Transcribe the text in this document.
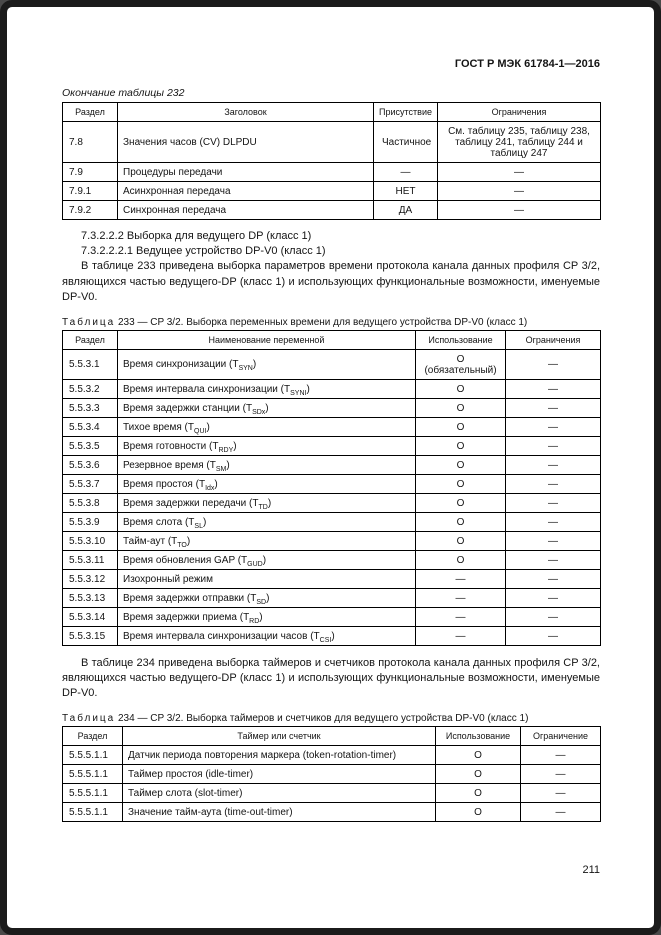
ГОСТ Р МЭК 61784-1—2016

Окончание таблицы 232

Раздел	Заголовок	Присутствие	Ограничения
7.8	Значения часов (CV) DLPDU	Частичное	См. таблицу 235, таблицу 238, таблицу 241, таблицу 244 и таблицу 247
7.9	Процедуры передачи	—	—
7.9.1	Асинхронная передача	НЕТ	—
7.9.2	Синхронная передача	ДА	—

7.3.2.2.2 Выборка для ведущего DP (класс 1)

7.3.2.2.2.1 Ведущее устройство DP-V0 (класс 1)

В таблице 233 приведена выборка параметров времени протокола канала данных профиля CP 3/2, являющихся частью ведущего-DP (класс 1) и использующих функциональные возможности, именуемые DP-V0.

Таблица 233 — CP 3/2. Выборка переменных времени для ведущего устройства DP-V0 (класс 1)

Раздел	Наименование переменной	Использование	Ограничения
5.5.3.1	Время синхронизации $(T_{SYN})$	О (обязательный)	—
5.5.3.2	Время интервала синхронизации $(T_{SYNI})$	О	—
5.5.3.3	Время задержки станции $(T_{SDx})$	О	—
5.5.3.4	Тихое время $(T_{QUI})$	О	—
5.5.3.5	Время готовности $(T_{RDY})$	О	—
5.5.3.6	Резервное время $(T_{SM})$	О	—
5.5.3.7	Время простоя $(T_{Idx})$	О	—
5.5.3.8	Время задержки передачи $(T_{TD})$	О	—
5.5.3.9	Время слота $(T_{SL})$	О	—
5.5.3.10	Тайм-аут $(T_{TO})$	О	—
5.5.3.11	Время обновления GAP $(T_{GUD})$	О	—
5.5.3.12	Изохронный режим	—	—
5.5.3.13	Время задержки отправки $(T_{SD})$	—	—
5.5.3.14	Время задержки приема $(T_{RD})$	—	—
5.5.3.15	Время интервала синхронизации часов $(T_{CSI})$	—	—

В таблице 234 приведена выборка таймеров и счетчиков протокола канала данных профиля CP 3/2, являющихся частью ведущего-DP (класс 1) и использующих функциональные возможности, именуемые DP-V0.

Таблица 234 — CP 3/2. Выборка таймеров и счетчиков для ведущего устройства DP-V0 (класс 1)

Раздел	Таймер или счетчик	Использование	Ограничение
5.5.5.1.1	Датчик периода повторения маркера (token-rotation-timer)	О	—
5.5.5.1.1	Таймер простоя (idle-timer)	О	—
5.5.5.1.1	Таймер слота (slot-timer)	О	—
5.5.5.1.1	Значение тайм-аута (time-out-timer)	О	—

211
